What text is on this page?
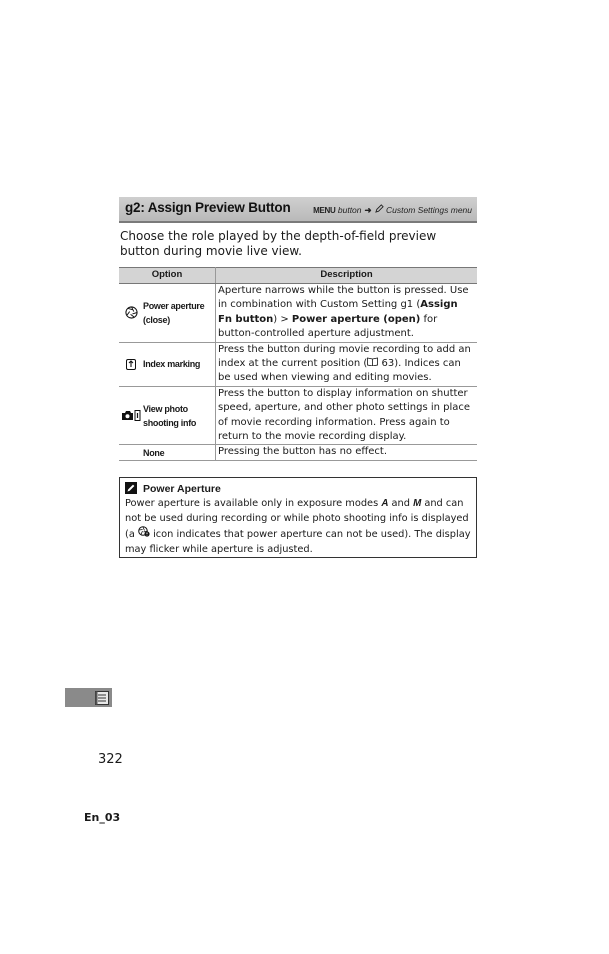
g2: Assign Preview Button	MENU button ➜ Custom Settings menu
Choose the role played by the depth-of-field preview button during movie live view.
Option	Description

Power aperture (close)	Aperture narrows while the button is pressed. Use in combination with Custom Setting g1 (Assign Fn button) > Power aperture (open) for button-controlled aperture adjustment.

Index marking	Press the button during movie recording to add an index at the current position ( 63). Indices can be used when viewing and editing movies.

View photo shooting info	Press the button to display information on shutter speed, aperture, and other photo settings in place of movie recording information. Press again to return to the movie recording display.

None	Pressing the button has no effect.
Power Aperture
Power aperture is available only in exposure modes A and M and can not be used during recording or while photo shooting info is displayed (a  icon indicates that power aperture can not be used). The display may flicker while aperture is adjusted.
322
En_03
